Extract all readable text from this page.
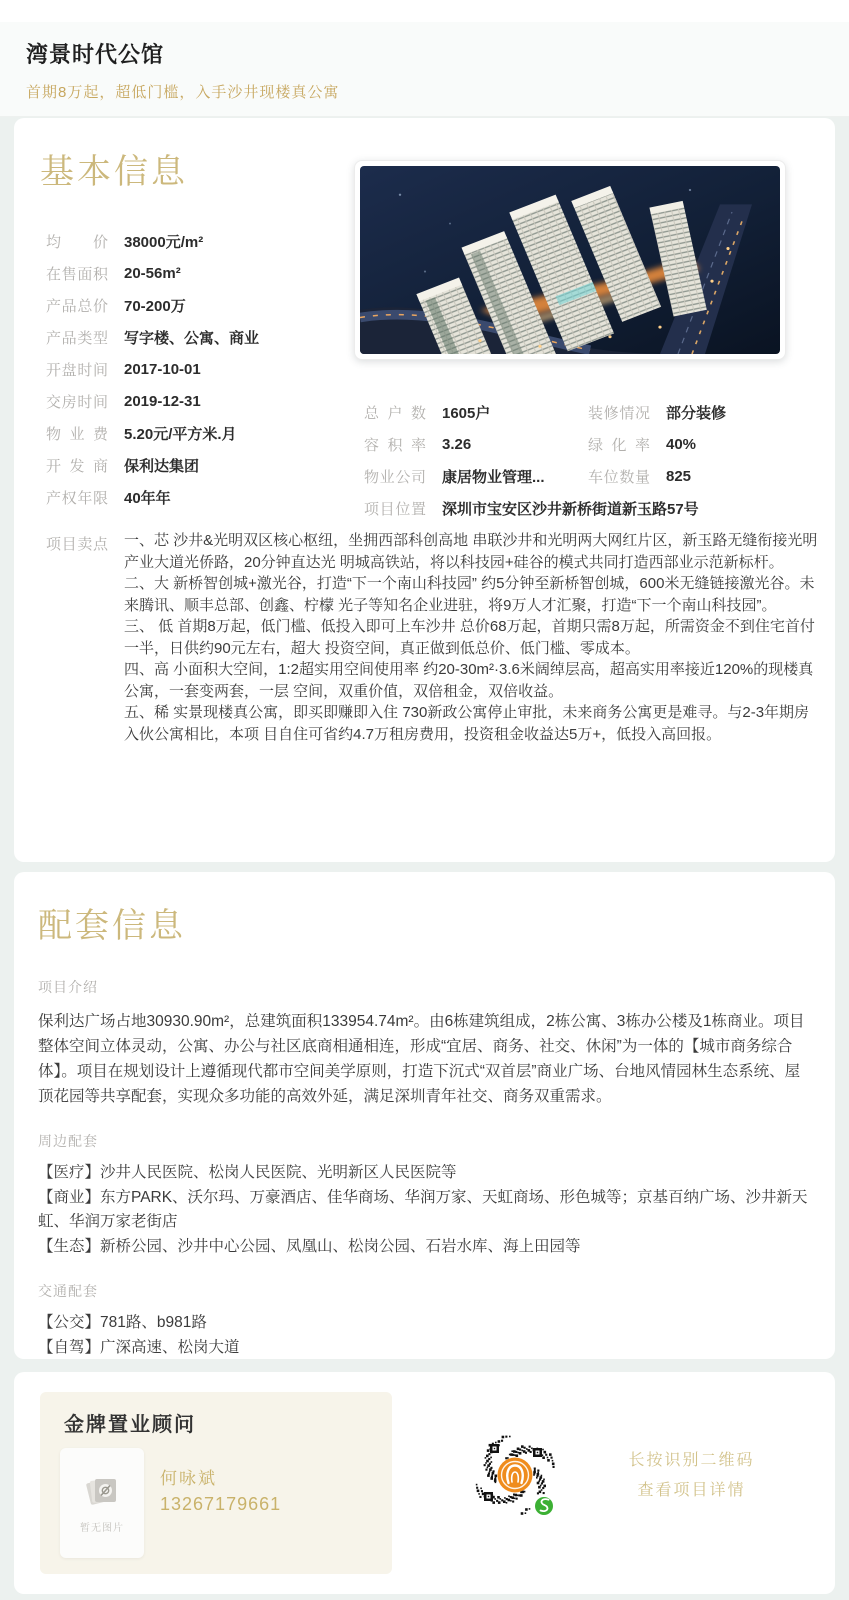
湾景时代公馆

首期8万起，超低门槛，入手沙井现楼真公寓

基本信息
均价 38000元/m²
在售面积 20-56m²
产品总价 70-200万
产品类型 写字楼、公寓、商业
开盘时间 2017-10-01
交房时间 2019-12-31
物业费 5.20元/平方米.月
开发商 保利达集团
产权年限 40年年
总户数 1605户	装修情况 部分装修
容积率 3.26	绿化率 40%
物业公司 康居物业管理...	车位数量 825
项目位置 深圳市宝安区沙井新桥街道新玉路57号
项目卖点 一、芯 沙井&光明双区核心枢纽，坐拥西部科创高地 串联沙井和光明两大网红片区，新玉路无缝衔接光明产业大道光侨路，20分钟直达光 明城高铁站，将以科技园+硅谷的模式共同打造西部业示范新标杆。

二、大 新桥智创城+激光谷，打造“下一个南山科技园” 约5分钟至新桥智创城，600米无缝链接激光谷。未来腾讯、顺丰总部、创鑫、柠檬 光子等知名企业进驻，将9万人才汇聚，打造“下一个南山科技园”。

三、 低 首期8万起，低门槛、低投入即可上车沙井 总价68万起，首期只需8万起，所需资金不到住宅首付一半，日供约90元左右，超大 投资空间，真正做到低总价、低门槛、零成本。

四、高 小面积大空间，1:2超实用空间使用率 约20-30m²·3.6米阔绰层高，超高实用率接近120%的现楼真公寓，一套变两套，一层 空间，双重价值，双倍租金，双倍收益。

五、稀 实景现楼真公寓，即买即赚即入住 730新政公寓停止审批，未来商务公寓更是难寻。与2-3年期房入伙公寓相比，本项 目自住可省约4.7万租房费用，投资租金收益达5万+，低投入高回报。

配套信息
项目介绍

保利达广场占地30930.90m²，总建筑面积133954.74m²。由6栋建筑组成，2栋公寓、3栋办公楼及1栋商业。项目整体空间立体灵动，公寓、办公与社区底商相通相连，形成“宜居、商务、社交、休闲”为一体的【城市商务综合体】。项目在规划设计上遵循现代都市空间美学原则，打造下沉式“双首层”商业广场、台地风情园林生态系统、屋顶花园等共享配套，实现众多功能的高效外延，满足深圳青年社交、商务双重需求。

周边配套

【医疗】沙井人民医院、松岗人民医院、光明新区人民医院等

【商业】东方PARK、沃尔玛、万豪酒店、佳华商场、华润万家、天虹商场、形色城等；京基百纳广场、沙井新天虹、华润万家老街店

【生态】新桥公园、沙井中心公园、凤凰山、松岗公园、石岩水库、海上田园等

交通配套

【公交】781路、b981路

【自驾】广深高速、松岗大道

金牌置业顾问
暂无图片
何咏斌
13267179661
长按识别二维码
查看项目详情
